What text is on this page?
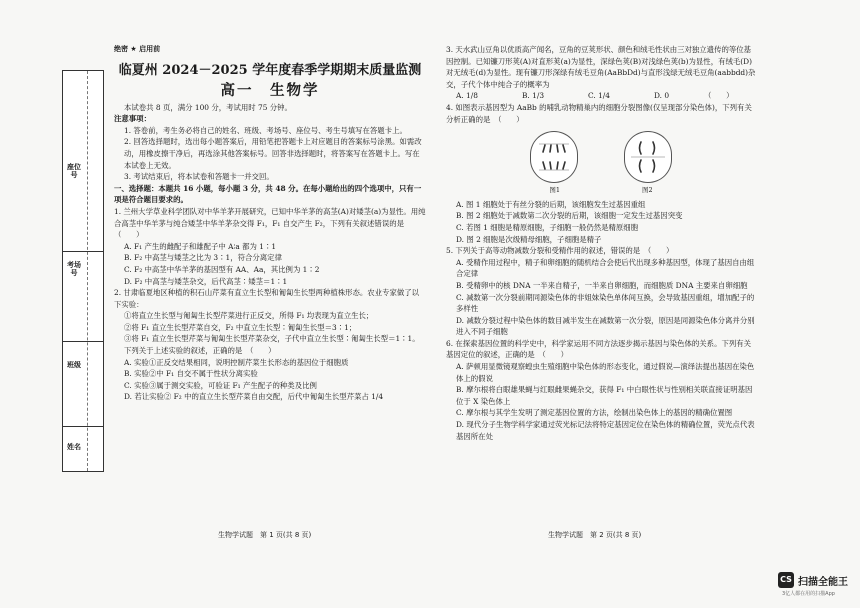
座位号
考场号
班级
姓名
绝密 ★ 启用前
临夏州 2024－2025 学年度春季学期期末质量监测
高一　生物学

本试卷共 8 页，满分 100 分，考试用时 75 分钟。

注意事项：

1. 答卷前，考生务必将自己的姓名、班级、考场号、座位号、考生号填写在答题卡上。

2. 回答选择题时，选出每小题答案后，用铅笔把答题卡上对应题目的答案标号涂黑。如需改动，用橡皮擦干净后，再选涂其他答案标号。回答非选择题时，将答案写在答题卡上。写在本试卷上无效。

3. 考试结束后，将本试卷和答题卡一并交回。

一、选择题：本题共 16 小题，每小题 3 分，共 48 分。在每小题给出的四个选项中，只有一项是符合题目要求的。

1. 兰州大学草业科学团队对中华羊茅开展研究，已知中华羊茅的高茎(A)对矮茎(a)为显性。用纯合高茎中华羊茅与纯合矮茎中华羊茅杂交得 F₁，F₁ 自交产生 F₂，下列有关叙述错误的是　（　　）

A. F₁ 产生的雌配子和雄配子中 A∶a 都为 1∶1

B. F₂ 中高茎与矮茎之比为 3∶1，符合分离定律

C. F₂ 中高茎中华羊茅的基因型有 AA、Aa，其比例为 1∶2

D. F₂ 中高茎与矮茎杂交，后代高茎∶矮茎＝1∶1

2. 甘肃临夏地区种植的积石山芹菜有直立生长型和匍匐生长型两种植株形态。农业专家做了以下实验：

①将直立生长型与匍匐生长型芹菜进行正反交，所得 F₁ 均表现为直立生长；

②将 F₁ 直立生长型芹菜自交，F₂ 中直立生长型∶匍匐生长型＝3∶1；

③将 F₁ 直立生长型芹菜与匍匐生长型芹菜杂交，子代中直立生长型∶匍匐生长型＝1∶1。

下列关于上述实验的叙述，正确的是　 （　　）

A. 实验①正反交结果相同，说明控制芹菜生长形态的基因位于细胞质

B. 实验②中 F₁ 自交不属于性状分离实验

C. 实验③属于测交实验，可验证 F₁ 产生配子的种类及比例

D. 若让实验② F₂ 中的直立生长型芹菜自由交配，后代中匍匐生长型芹菜占 1/4

3. 天水武山豆角以优质高产闻名，豆角的豆荚形状、颜色和绒毛性状由三对独立遗传的等位基因控制。已知镰刀形荚(A)对直形荚(a)为显性，深绿色荚(B)对浅绿色荚(b)为显性，有绒毛(D)对无绒毛(d)为显性。现有镰刀形深绿有绒毛豆角(AaBbDd)与直形浅绿无绒毛豆角(aabbdd)杂交，子代个体中纯合子的概率为

A. 1/8	B. 1/3	C. 1/4	D. 0	（　　）

4. 如图表示基因型为 AaBb 的哺乳动物精巢内的细胞分裂图像(仅呈现部分染色体)，下列有关分析正确的是　 （　　）

图1	图2

A. 图 1 细胞处于有丝分裂的后期，该细胞发生过基因重组

B. 图 2 细胞处于减数第二次分裂的后期，该细胞一定发生过基因突变

C. 若图 1 细胞是精原细胞，子细胞一般仍然是精原细胞

D. 图 2 细胞是次级精母细胞，子细胞是精子

5. 下列关于高等动物减数分裂和受精作用的叙述，错误的是　 （　　）

A. 受精作用过程中，精子和卵细胞的随机结合会使后代出现多种基因型，体现了基因自由组合定律

B. 受精卵中的核 DNA 一半来自精子，一半来自卵细胞，而细胞质 DNA 主要来自卵细胞

C. 减数第一次分裂前期同源染色体的非姐妹染色单体间互换，会导致基因重组，增加配子的多样性

D. 减数分裂过程中染色体的数目减半发生在减数第一次分裂，原因是同源染色体分离并分别进入不同子细胞

6. 在探索基因位置的科学史中，科学家运用不同方法逐步揭示基因与染色体的关系。下列有关基因定位的叙述，正确的是　 （　　）

A. 萨顿用显微镜观察蝗虫生殖细胞中染色体的形态变化，通过假说—演绎法提出基因在染色体上的假说

B. 摩尔根将白眼雄果蝇与红眼雌果蝇杂交，获得 F₁ 中白眼性状与性别相关联直接证明基因位于 X 染色体上

C. 摩尔根与其学生发明了测定基因位置的方法，绘制出染色体上的基因的精确位置图

D. 现代分子生物学科学家通过荧光标记法将特定基因定位在染色体的精确位置，荧光点代表基因所在处

生物学试题　第 1 页(共 8 页)	生物学试题　第 2 页(共 8 页)
CS 扫描全能王
3亿人都在用的扫描App
